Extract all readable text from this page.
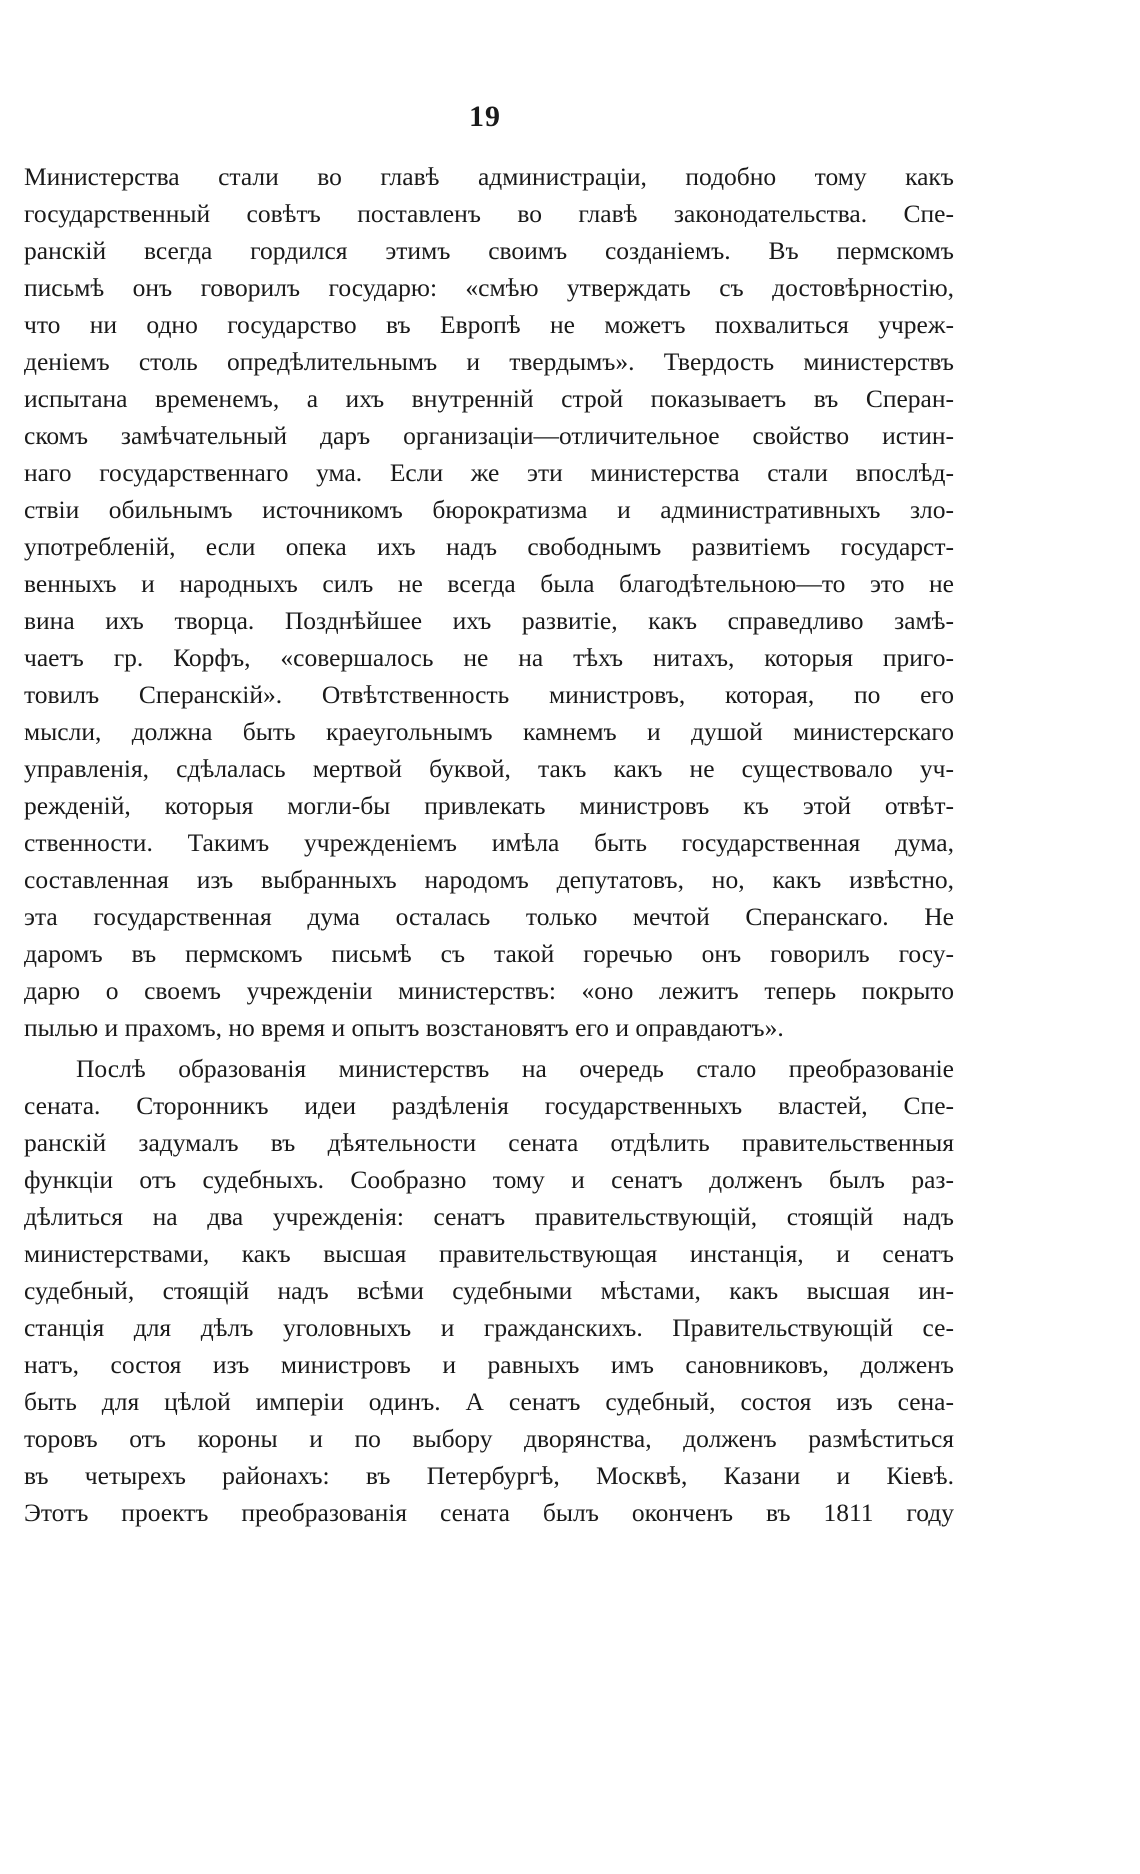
19
Министерства стали во главѣ администраціи, подобно тому какъ
государственный совѣтъ поставленъ во главѣ законодательства. Спе-
ранскій всегда гордился этимъ своимъ созданіемъ. Въ пермскомъ
письмѣ онъ говорилъ государю: «смѣю утверждать съ достовѣрностію,
что ни одно государство въ Европѣ не можетъ похвалиться учреж-
деніемъ столь опредѣлительнымъ и твердымъ». Твердость министерствъ
испытана временемъ, а ихъ внутренній строй показываетъ въ Сперан-
скомъ замѣчательный даръ организаціи—отличительное свойство истин-
наго государственнаго ума. Если же эти министерства стали впослѣд-
ствіи обильнымъ источникомъ бюрократизма и административныхъ зло-
употребленій, если опека ихъ надъ свободнымъ развитіемъ государст-
венныхъ и народныхъ силъ не всегда была благодѣтельною—то это не
вина ихъ творца. Позднѣйшее ихъ развитіе, какъ справедливо замѣ-
чаетъ гр. Корфъ, «совершалось не на тѣхъ нитахъ, которыя приго-
товилъ Сперанскій». Отвѣтственность министровъ, которая, по его
мысли, должна быть краеугольнымъ камнемъ и душой министерскаго
управленія, сдѣлалась мертвой буквой, такъ какъ не существовало уч-
режденій, которыя могли-бы привлекать министровъ къ этой отвѣт-
ственности. Такимъ учрежденіемъ имѣла быть государственная дума,
составленная изъ выбранныхъ народомъ депутатовъ, но, какъ извѣстно,
эта государственная дума осталась только мечтой Сперанскаго. Не
даромъ въ пермскомъ письмѣ съ такой горечью онъ говорилъ госу-
дарю о своемъ учрежденіи министерствъ: «оно лежитъ теперь покрыто
пылью и прахомъ, но время и опытъ возстановятъ его и оправдаютъ».
Послѣ образованія министерствъ на очередь стало преобразованіе
сената. Сторонникъ идеи раздѣленія государственныхъ властей, Спе-
ранскій задумалъ въ дѣятельности сената отдѣлить правительственныя
функціи отъ судебныхъ. Сообразно тому и сенатъ долженъ былъ раз-
дѣлиться на два учрежденія: сенатъ правительствующій, стоящій надъ
министерствами, какъ высшая правительствующая инстанція, и сенатъ
судебный, стоящій надъ всѣми судебными мѣстами, какъ высшая ин-
станція для дѣлъ уголовныхъ и гражданскихъ. Правительствующій се-
натъ, состоя изъ министровъ и равныхъ имъ сановниковъ, долженъ
быть для цѣлой имперіи одинъ. А сенатъ судебный, состоя изъ сена-
торовъ отъ короны и по выбору дворянства, долженъ размѣститься
въ четырехъ районахъ: въ Петербургѣ, Москвѣ, Казани и Кіевѣ.
Этотъ проектъ преобразованія сената былъ оконченъ въ 1811 году
